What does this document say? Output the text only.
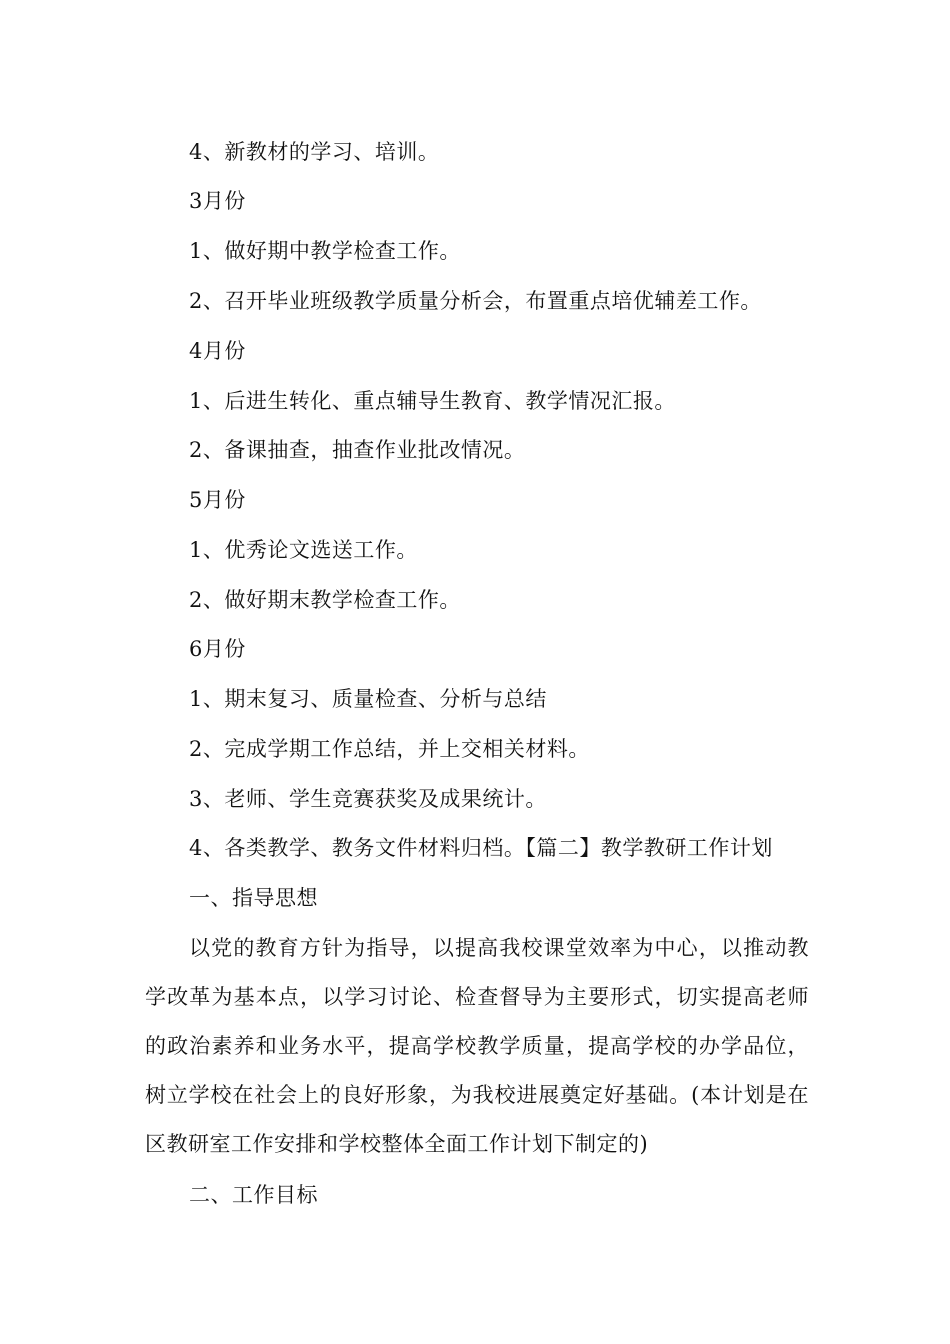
4、新教材的学习、培训。
3月份
1、做好期中教学检查工作。
2、召开毕业班级教学质量分析会，布置重点培优辅差工作。
4月份
1、后进生转化、重点辅导生教育、教学情况汇报。
2、备课抽查，抽查作业批改情况。
5月份
1、优秀论文选送工作。
2、做好期末教学检查工作。
6月份
1、期末复习、质量检查、分析与总结
2、完成学期工作总结，并上交相关材料。
3、老师、学生竞赛获奖及成果统计。
4、各类教学、教务文件材料归档。【篇二】教学教研工作计划
一、指导思想
以党的教育方针为指导，以提高我校课堂效率为中心，以推动教学改革为基本点，以学习讨论、检查督导为主要形式，切实提高老师的政治素养和业务水平，提高学校教学质量，提高学校的办学品位，树立学校在社会上的良好形象，为我校进展奠定好基础。(本计划是在区教研室工作安排和学校整体全面工作计划下制定的)
二、工作目标
